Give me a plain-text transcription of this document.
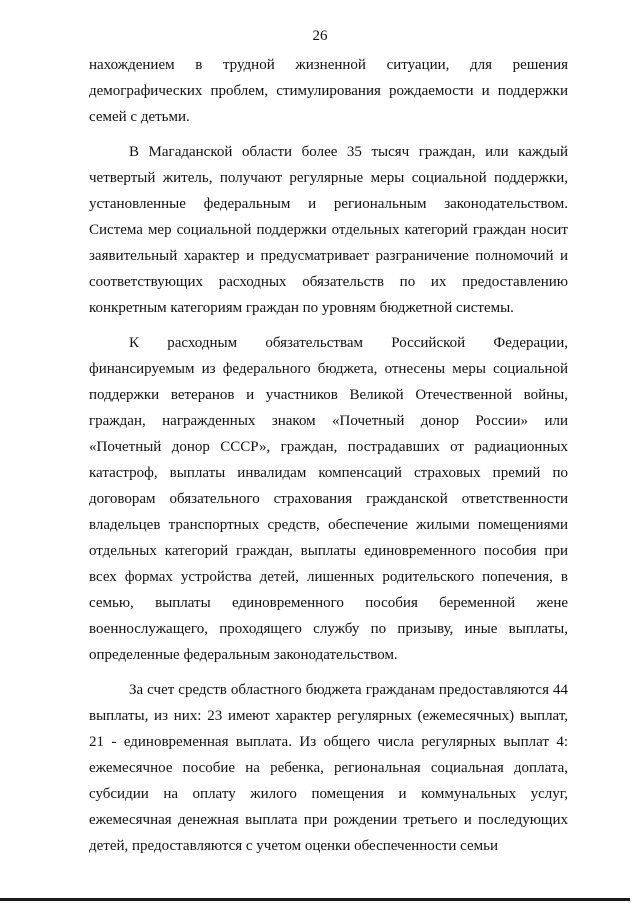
26

нахождением в трудной жизненной ситуации, для решения демографических проблем, стимулирования рождаемости и поддержки семей с детьми.

В Магаданской области более 35 тысяч граждан, или каждый четвертый житель, получают регулярные меры социальной поддержки, установленные федеральным и региональным законодательством. Система мер социальной поддержки отдельных категорий граждан носит заявительный характер и предусматривает разграничение полномочий и соответствующих расходных обязательств по их предоставлению конкретным категориям граждан по уровням бюджетной системы.

К расходным обязательствам Российской Федерации, финансируемым из федерального бюджета, отнесены меры социальной поддержки ветеранов и участников Великой Отечественной войны, граждан, награжденных знаком «Почетный донор России» или «Почетный донор СССР», граждан, пострадавших от радиационных катастроф, выплаты инвалидам компенсаций страховых премий по договорам обязательного страхования гражданской ответственности владельцев транспортных средств, обеспечение жилыми помещениями отдельных категорий граждан, выплаты единовременного пособия при всех формах устройства детей, лишенных родительского попечения, в семью, выплаты единовременного пособия беременной жене военнослужащего, проходящего службу по призыву, иные выплаты, определенные федеральным законодательством.

За счет средств областного бюджета гражданам предоставляются 44 выплаты, из них: 23 имеют характер регулярных (ежемесячных) выплат, 21 - единовременная выплата. Из общего числа регулярных выплат 4: ежемесячное пособие на ребенка, региональная социальная доплата, субсидии на оплату жилого помещения и коммунальных услуг, ежемесячная денежная выплата при рождении третьего и последующих детей, предоставляются с учетом оценки обеспеченности семьи
